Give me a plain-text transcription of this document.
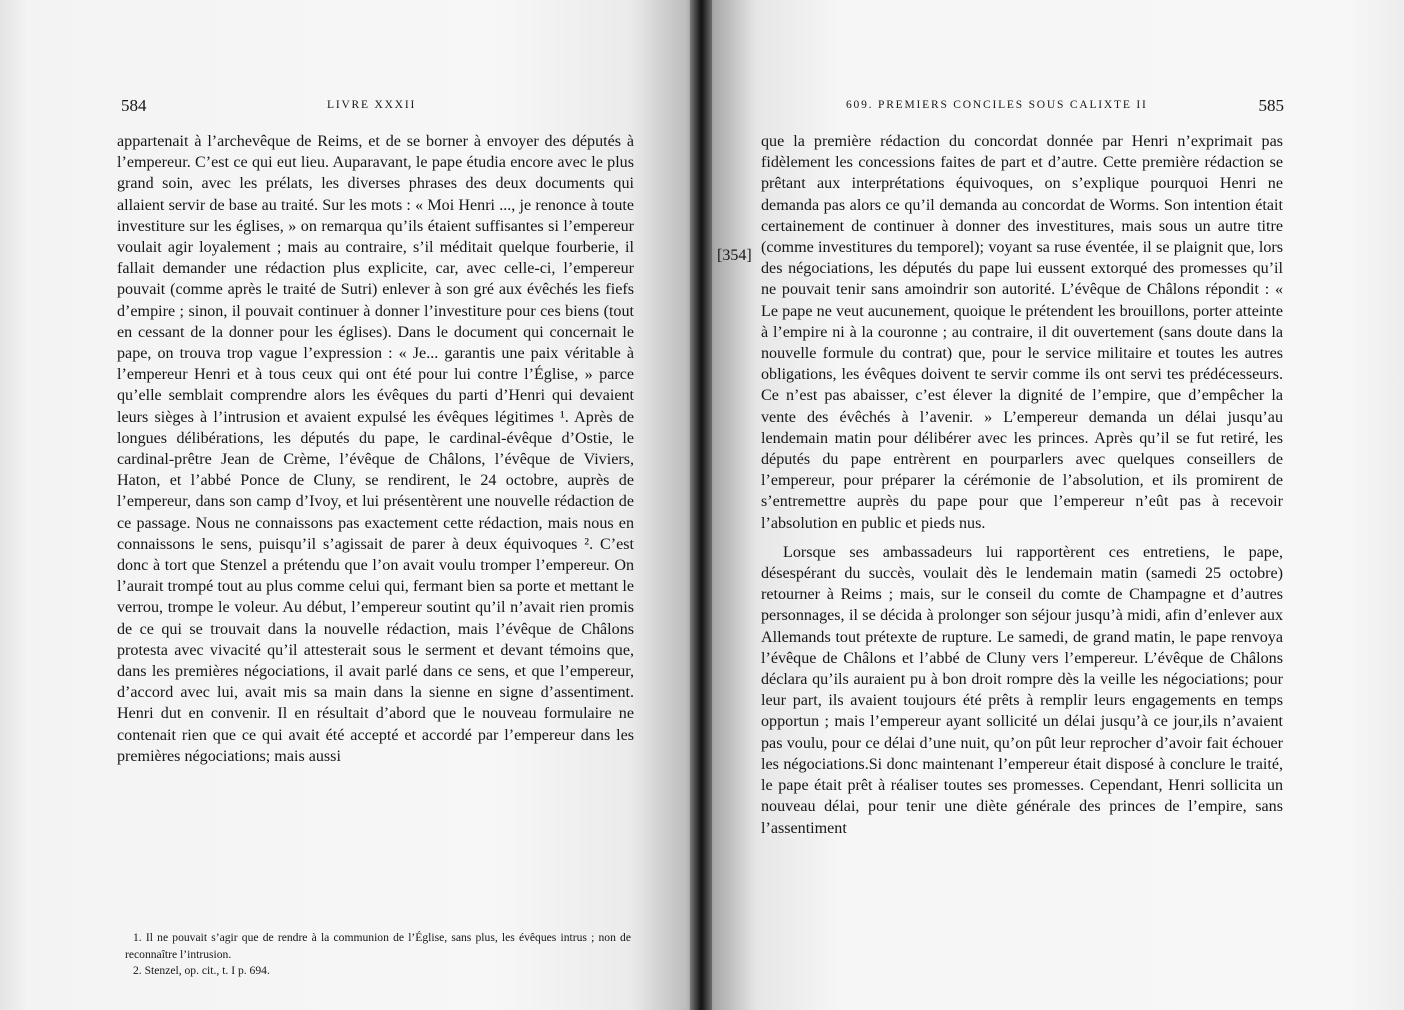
584	LIVRE XXXII

appartenait à l’archevêque de Reims, et de se borner à envoyer des députés à l’empereur. C’est ce qui eut lieu. Auparavant, le pape étudia encore avec le plus grand soin, avec les prélats, les diverses phrases des deux documents qui allaient servir de base au traité. Sur les mots : « Moi Henri ..., je renonce à toute investiture sur les églises, » on remarqua qu’ils étaient suffisantes si l’empereur voulait agir loyalement ; mais au contraire, s’il méditait quelque fourberie, il fallait demander une rédaction plus explicite, car, avec celle-ci, l’empereur pouvait (comme après le traité de Sutri) enlever à son gré aux évêchés les fiefs d’empire ; sinon, il pouvait continuer à donner l’investiture pour ces biens (tout en cessant de la donner pour les églises). Dans le document qui concernait le pape, on trouva trop vague l’expression : « Je... garantis une paix véritable à l’empereur Henri et à tous ceux qui ont été pour lui contre l’Église, » parce qu’elle semblait comprendre alors les évêques du parti d’Henri qui devaient leurs sièges à l’intrusion et avaient expulsé les évêques légitimes ¹. Après de longues délibérations, les députés du pape, le cardinal-évêque d’Ostie, le cardinal-prêtre Jean de Crème, l’évêque de Châlons, l’évêque de Viviers, Haton, et l’abbé Ponce de Cluny, se rendirent, le 24 octobre, auprès de l’empereur, dans son camp d’Ivoy, et lui présentèrent une nouvelle rédaction de ce passage. Nous ne connaissons pas exactement cette rédaction, mais nous en connaissons le sens, puisqu’il s’agissait de parer à deux équivoques ². C’est donc à tort que Stenzel a prétendu que l’on avait voulu tromper l’empereur. On l’aurait trompé tout au plus comme celui qui, fermant bien sa porte et mettant le verrou, trompe le voleur. Au début, l’empereur soutint qu’il n’avait rien promis de ce qui se trouvait dans la nouvelle rédaction, mais l’évêque de Châlons protesta avec vivacité qu’il attesterait sous le serment et devant témoins que, dans les premières négociations, il avait parlé dans ce sens, et que l’empereur, d’accord avec lui, avait mis sa main dans la sienne en signe d’assentiment. Henri dut en convenir. Il en résultait d’abord que le nouveau formulaire ne contenait rien que ce qui avait été accepté et accordé par l’empereur dans les premières négociations; mais aussi

1. Il ne pouvait s’agir que de rendre à la communion de l’Église, sans plus, les évêques intrus ; non de reconnaître l’intrusion.

2. Stenzel, op. cit., t. I p. 694.

609. PREMIERS CONCILES SOUS CALIXTE II	585
[354]

que la première rédaction du concordat donnée par Henri n’exprimait pas fidèlement les concessions faites de part et d’autre. Cette première rédaction se prêtant aux interprétations équivoques, on s’explique pourquoi Henri ne demanda pas alors ce qu’il demanda au concordat de Worms. Son intention était certainement de continuer à donner des investitures, mais sous un autre titre (comme investitures du temporel); voyant sa ruse éventée, il se plaignit que, lors des négociations, les députés du pape lui eussent extorqué des promesses qu’il ne pouvait tenir sans amoindrir son autorité. L’évêque de Châlons répondit : « Le pape ne veut aucunement, quoique le prétendent les brouillons, porter atteinte à l’empire ni à la couronne ; au contraire, il dit ouvertement (sans doute dans la nouvelle formule du contrat) que, pour le service militaire et toutes les autres obligations, les évêques doivent te servir comme ils ont servi tes prédécesseurs. Ce n’est pas abaisser, c’est élever la dignité de l’empire, que d’empêcher la vente des évêchés à l’avenir. » L’empereur demanda un délai jusqu’au lendemain matin pour délibérer avec les princes. Après qu’il se fut retiré, les députés du pape entrèrent en pourparlers avec quelques conseillers de l’empereur, pour préparer la cérémonie de l’absolution, et ils promirent de s’entremettre auprès du pape pour que l’empereur n’eût pas à recevoir l’absolution en public et pieds nus.

Lorsque ses ambassadeurs lui rapportèrent ces entretiens, le pape, désespérant du succès, voulait dès le lendemain matin (samedi 25 octobre) retourner à Reims ; mais, sur le conseil du comte de Champagne et d’autres personnages, il se décida à prolonger son séjour jusqu’à midi, afin d’enlever aux Allemands tout prétexte de rupture. Le samedi, de grand matin, le pape renvoya l’évêque de Châlons et l’abbé de Cluny vers l’empereur. L’évêque de Châlons déclara qu’ils auraient pu à bon droit rompre dès la veille les négociations; pour leur part, ils avaient toujours été prêts à remplir leurs engagements en temps opportun ; mais l’empereur ayant sollicité un délai jusqu’à ce jour,ils n’avaient pas voulu, pour ce délai d’une nuit, qu’on pût leur reprocher d’avoir fait échouer les négociations.Si donc maintenant l’empereur était disposé à conclure le traité, le pape était prêt à réaliser toutes ses promesses. Cependant, Henri sollicita un nouveau délai, pour tenir une diète générale des princes de l’empire, sans l’assentiment
